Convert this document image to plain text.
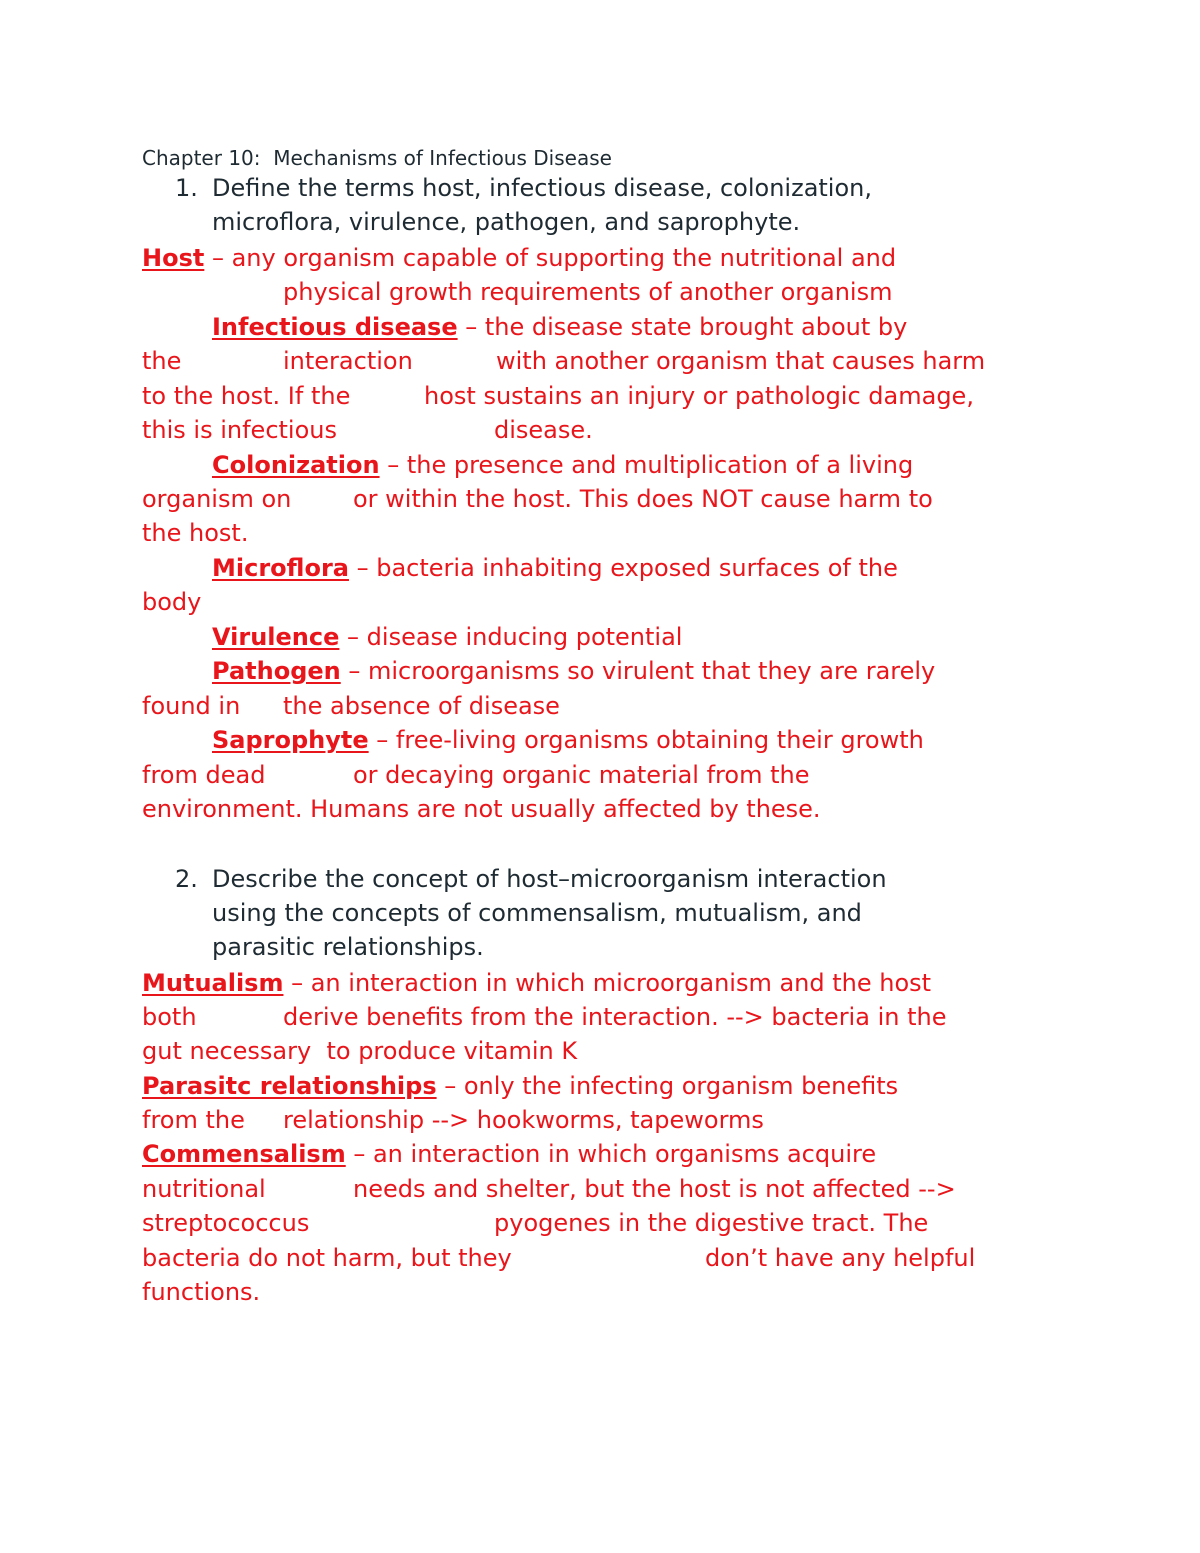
Chapter 10:  Mechanisms of Infectious Disease
1. Define the terms host, infectious disease, colonization,
microflora, virulence, pathogen, and saprophyte.
Host – any organism capable of supporting the nutritional and
physical growth requirements of another organism
Infectious disease – the disease state brought about by
the	interaction	with another organism that causes harm
to the host. If the	host sustains an injury or pathologic damage,
this is infectious	disease.
Colonization – the presence and multiplication of a living
organism on	or within the host. This does NOT cause harm to
the host.
Microflora – bacteria inhabiting exposed surfaces of the
body
Virulence – disease inducing potential
Pathogen – microorganisms so virulent that they are rarely
found in the absence of disease
Saprophyte – free-living organisms obtaining their growth
from dead	or decaying organic material from the
environment. Humans are not usually affected by these.
2. Describe the concept of host–microorganism interaction
using the concepts of commensalism, mutualism, and
parasitic relationships.
Mutualism – an interaction in which microorganism and the host
both	derive benefits from the interaction. --> bacteria in the
gut necessary  to produce vitamin K
Parasitc relationships – only the infecting organism benefits
from the relationship --> hookworms, tapeworms
Commensalism – an interaction in which organisms acquire
nutritional	needs and shelter, but the host is not affected -->
streptococcus	pyogenes in the digestive tract. The
bacteria do not harm, but they	don’t have any helpful
functions.
